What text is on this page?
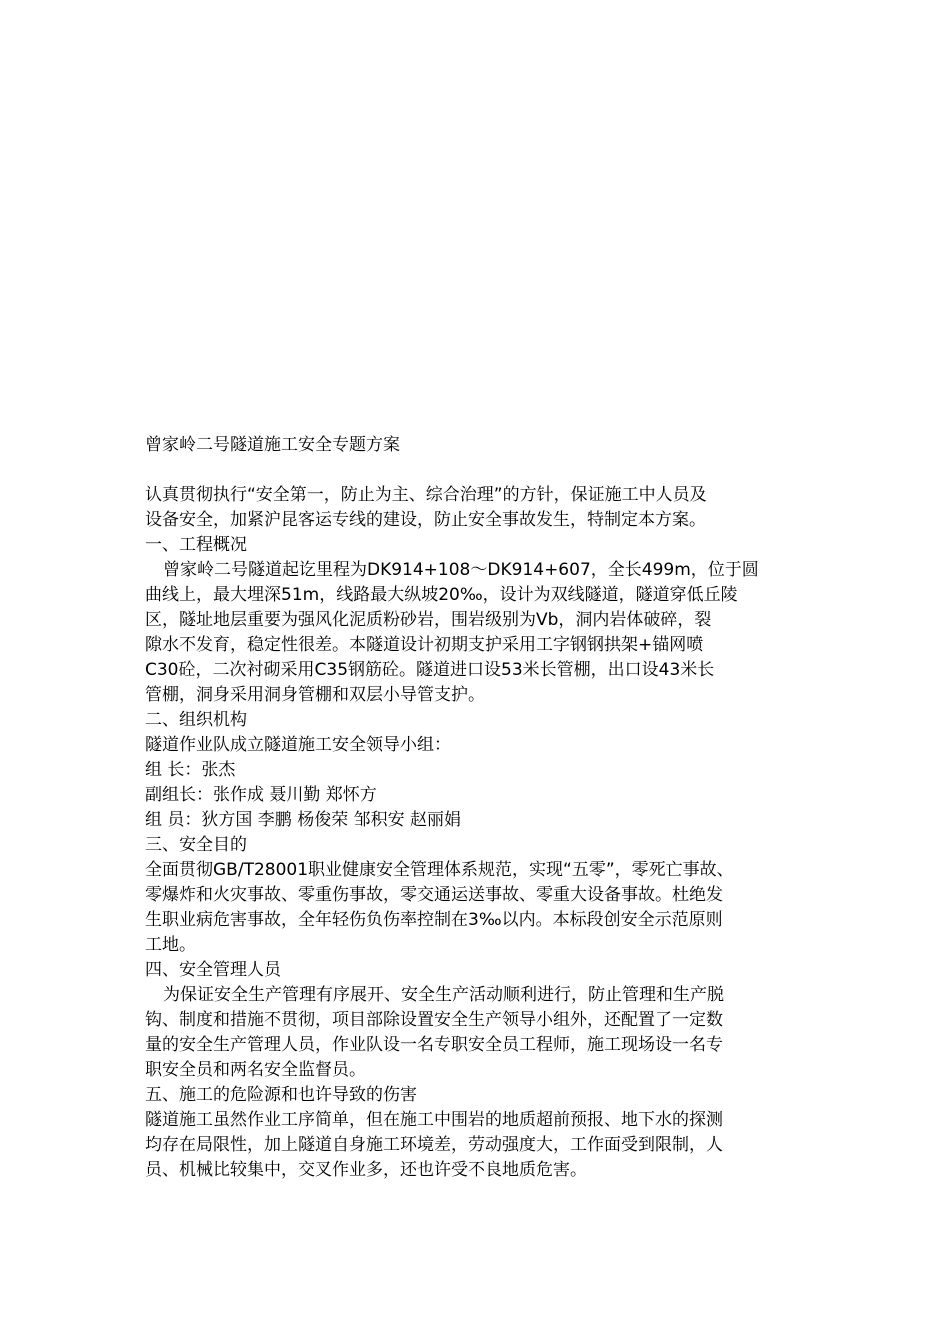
曾家岭二号隧道施工安全专题方案
认真贯彻执行“安全第一，防止为主、综合治理”的方针，保证施工中人员及
设备安全，加紧沪昆客运专线的建设，防止安全事故发生，特制定本方案。
一、工程概况
曾家岭二号隧道起讫里程为DK914+108～DK914+607，全长499m，位于圆
曲线上，最大埋深51m，线路最大纵坡20‰，设计为双线隧道，隧道穿低丘陵
区，隧址地层重要为强风化泥质粉砂岩，围岩级别为Ⅴb，洞内岩体破碎，裂
隙水不发育，稳定性很差。本隧道设计初期支护采用工字钢钢拱架+锚网喷
C30砼，二次衬砌采用C35钢筋砼。隧道进口设53米长管棚，出口设43米长
管棚，洞身采用洞身管棚和双层小导管支护。
二、组织机构
隧道作业队成立隧道施工安全领导小组：
组 长：张杰
副组长：张作成 聂川勤 郑怀方
组 员：狄方国 李鹏 杨俊荣 邹积安 赵丽娟
三、安全目的
全面贯彻GB/T28001职业健康安全管理体系规范，实现“五零”，零死亡事故、
零爆炸和火灾事故、零重伤事故，零交通运送事故、零重大设备事故。杜绝发
生职业病危害事故，全年轻伤负伤率控制在3‰以内。本标段创安全示范原则
工地。
四、安全管理人员
为保证安全生产管理有序展开、安全生产活动顺利进行，防止管理和生产脱
钩、制度和措施不贯彻，项目部除设置安全生产领导小组外，还配置了一定数
量的安全生产管理人员，作业队设一名专职安全员工程师，施工现场设一名专
职安全员和两名安全监督员。
五、施工的危险源和也许导致的伤害
隧道施工虽然作业工序简单，但在施工中围岩的地质超前预报、地下水的探测
均存在局限性，加上隧道自身施工环境差，劳动强度大，工作面受到限制，人
员、机械比较集中，交叉作业多，还也许受不良地质危害。
